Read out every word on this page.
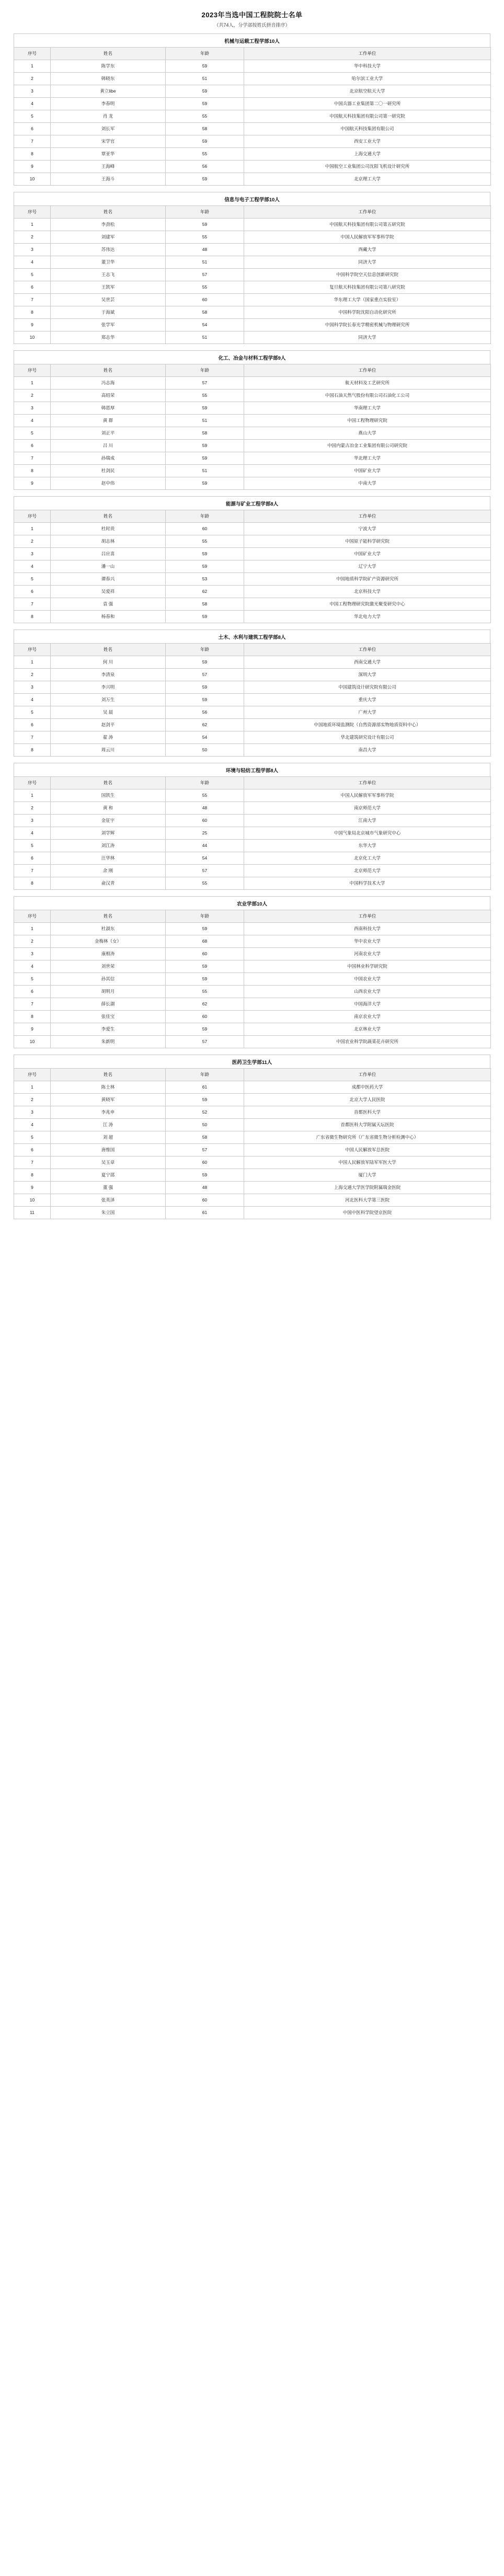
2023年当选中国工程院院士名单
（共74人，分学部按姓氏拼音排序）
机械与运载工程学部10人
序号	姓名	年龄	工作单位
1	陈学东	59	华中科技大学
2	韩晓东	51	哈尔滨工业大学
3	黄立libe	59	北京航空航天大学
4	李春明	59	中国兵器工业集团第二〇一研究所
5	肖 龙	55	中国航天科技集团有限公司第一研究院
6	刘长军	58	中国航天科技集团有限公司
7	宋学官	59	西安工业大学
8	覃亚华	55	上海交通大学
9	王海峰	56	中国航空工业集团公司沈阳飞机设计研究所
10	王海斗	59	北京理工大学
信息与电子工程学部10人
序号	姓名	年龄	工作单位
1	李劲松	59	中国航天科技集团有限公司第五研究院
2	刘建军	55	中国人民解放军军事科学院
3	苏伟达	48	西藏大学
4	董卫华	51	同济大学
5	王志飞	57	中国科学院空天信息创新研究院
6	王凯军	55	复旦航天科技集团有限公司第八研究院
7	吴世芸	60	华东理工大学（国家重点实验室）
8	于海斌	58	中国科学院沈阳自动化研究所
9	张学军	54	中国科学院长春光学精密机械与物理研究所
10	郑志华	51	同济大学
化工、冶金与材料工程学部9人
序号	姓名	年龄	工作单位
1	冯志海	57	航天材料及工艺研究所
2	高绍荣	55	中国石油天然气股份有限公司石油化工公司
3	韩恩厚	59	华南理工大学
4	黄 群	51	中国工程物理研究院
5	刘正平	58	燕山大学
6	吕 川	59	中国内蒙古冶金工业集团有限公司研究院
7	孙瑞成	59	华北理工大学
8	杜剑民	51	中国矿业大学
9	赵中伟	59	中南大学
能源与矿业工程学部8人
序号	姓名	年龄	工作单位
1	杜时贵	60	宁波大学
2	胡志林	55	中国原子能科学研究院
3	吕应喜	59	中国矿业大学
4	潘一山	59	辽宁大学
5	谭春兴	53	中国地质科学院矿产资源研究所
6	吴爱祥	62	北京科技大学
7	袁 强	58	中国工程物理研究院激光聚变研究中心
8	杨春和	59	华北电力大学
土木、水利与建筑工程学部8人
序号	姓名	年龄	工作单位
1	何 川	59	西南交通大学
2	李清泉	57	深圳大学
3	李兴明	59	中国建筑设计研究院有限公司
4	刘万生	59	重庆大学
5	吴 晨	56	广州大学
6	赵剑平	62	中国地质环境监测院（自然资源部实物地质资料中心）
7	翟 涛	54	华北建筑研究设计有限公司
8	周云川	50	南昌大学
环境与轻纺工程学部8人
序号	姓名	年龄	工作单位
1	国凯生	55	中国人民解放军军事科学院
2	黄 和	48	南京师范大学
3	金征宇	60	江南大学
4	刘学辉	25	中国气象局北京城市气象研究中心
5	刘江涛	44	东华大学
6	汪华林	54	北京化工大学
7	余 刚	57	北京师范大学
8	俞汉青	55	中国科学技术大学
农业学部10人
序号	姓名	年龄	工作单位
1	杜淑东	59	西南科技大学
2	金梅林（女）	68	华中农业大学
3	康相涛	60	河南农业大学
4	刘世荣	59	中国林业科学研究院
5	孙其信	59	中国农业大学
6	胡明月	55	山西农业大学
7	薛长湖	62	中国海洋大学
8	张佳宝	60	南京农业大学
9	李爱生	59	北京林业大学
10	朱新明	57	中国农业科学院蔬菜花卉研究所
医药卫生学部11人
序号	姓名	年龄	工作单位
1	陈士林	61	成都中医药大学
2	黄晓军	59	北京大学人民医院
3	李兆申	52	首都医科大学
4	江 涛	50	首都医科大学附属天坛医院
5	刘 超	58	广东省微生物研究所（广东省微生物分析检测中心）
6	唐维国	57	中国人民解放军总医院
7	吴玉章	60	中国人民解放军陆军军医大学
8	夏宁邵	59	厦门大学
9	董 强	48	上海交通大学医学院附属瑞金医院
10	张英泽	60	河北医科大学第三医院
11	朱立国	61	中国中医科学院望京医院
